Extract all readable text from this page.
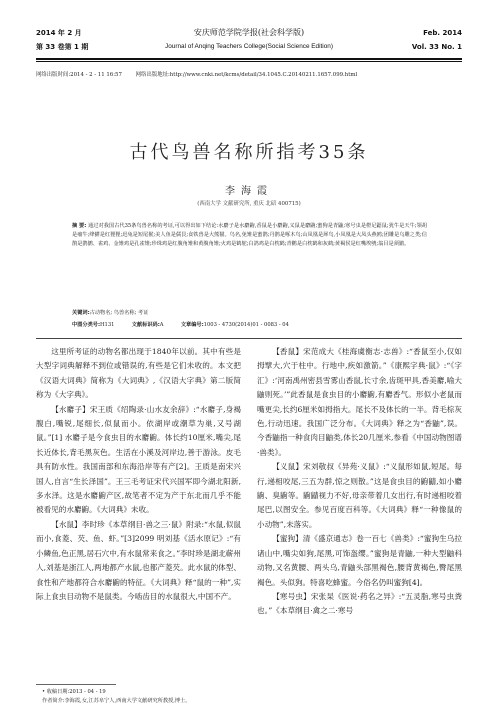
2014 年 2 月
第 33 卷第 1 期
安庆师范学院学报(社会科学版)
Journal of Anqing Teachers College(Social Science Edition)
Feb. 2014
Vol. 33 No. 1
网络出版时间:2014 - 2 - 11 16:57	网络出版地址:http://www.cnki.net/kcms/detail/34.1045.C.20140211.1657.099.html
古代鸟兽名称所指考35条
李海霞
(西南大学 文献研究所, 重庆 北碚 400715)
摘 要: 通过对我国古代35条鸟兽名称的考证,可以得出如下结论:水麝子是水麝鼩,香鼠是小麝鼩,义鼠是麝鼩;蜜狗是青鼬;寒号虫是橙足鼯鼠;犹牛是天牛;领胡是瘤牛;绛獾是红狸狸;迅兔是短尾猴;美人鱼是儒艮;食铁兽是大熊猫。鸟名,免雉是蜜鹊;丹鹊是啄木鸟;山凤凰是犀鸟,小凤凰是大凤头燕鸥;团雕是乌雕之类;信鹊是鹊鹠、雀鸡、金雉鸡是孔雀雉;珍珠鸡是红腹角雉和黄腹角雉;火鸡是鹤鸵;白鸽鸡是白枕鹤;青鹳是白枕鹤和灰鹤;黄褐侯是红嘴埃鸲;翁目是须鹟。
关键词:古动物名; 鸟兽名称; 考证
中图分类号:H131	文献标识码:A	文章编号:1003 - 4730(2014)01 - 0083 - 04

这里所考证的动物名都出现于1840年以前。其中有些是大型字词典解释不到位或错误的,有些是它们未收的。本文把《汉语大词典》简称为《大词典》,《汉语大字典》第二版简称为《大字典》。

【水麝子】宋王质《绍陶录·山水友余辞》:“水麝子,身褐腹白,嘴锐,尾细长,似鼠而小。依湖岸或潮草为巢,又号湖鼠。”[1] 水麝子是今食虫目的水麝鼩。体长约10厘米,嘴尖,尾长近体长,背毛黑灰色。生活在小溪及河岸边,善于游泳。皮毛具有防水性。我国南部和东海沿岸等有产[2]。王质是南宋兴国人,自言“生长泽国”。王三毛考证宋代兴国军即今湖北阳新,多水泽。这是水麝鼩产区,故笔者不定为产于东北而几乎不能被看见的水麝鼩。《大词典》未收。

【水鼠】李时珍《本草纲目·兽之三·鼠》附录:“水鼠,似鼠而小,食菱、芡、鱼、虾。”[3]2099 明刘基《活水原记》:“有小鳞鱼,色正黑,居石穴中,有水鼠常来食之。”李时珍是湖北蕲州人,刘基是浙江人,两地都产水鼠,也都产菱芡。此水鼠的体型、食性和产地都符合水麝鼩的特征。《大词典》释“鼠的一种”,实际上食虫目动物不是鼠类。今啮齿目的水鼠很大,中国不产。

【香鼠】宋范成大《桂海虞衡志·志兽》:“香鼠至小,仅如拇擘大,穴于柱中。行地中,疾如激箭。”《康熙字典·鼠》:“《字汇》:‘河南禹州密县雪雾山香鼠,长寸余,齿斑甲具,香美麝,喻大鼬则死。’”此香鼠是食虫目的小麝鼩,有麝香气。形似小老鼠而嘴更尖,长约6厘米如拇指大。尾长不及体长的一半。背毛棕灰色,行动迅速。我国广泛分布。《大词典》释之为“香鼬”,误。今香鼬指一种食肉目鼬类,体长20几厘米,参看《中国动物图谱·兽类》。

【义鼠】宋刘敬叔《异苑·义鼠》:“义鼠形如鼠,短尾。每行,递相咬尾,三五为群,惊之则散。”这是食虫目的鼩鼱,如小麝鼩、臭鼩等。鼩鼱视力不好,母亲带着几女出行,有时递相咬着尾巴,以图安全。参见百度百科等。《大词典》释“一种像鼠的小动物”,未落实。

【蜜狗】清《盛京通志》卷一百七《兽类》:“蜜狗生乌拉诸山中,嘴尖如狗,尾黑,可饰盔缨。”蜜狗是青鼬,一种大型鼬科动物,又名黄腰、两头乌,青鼬头部黑褐色,腰背黄褐色,臀尾黑褐色。头似狗。特喜吃蜂蜜。今俗名仍叫蜜狗[4]。

【寒号虫】宋张杲《医说·药名之异》:“五灵脂,寒号虫粪也。”《本草纲目·禽之二·寒号

• 收稿日期:2013 - 04 - 19
作者简介:李海霞,女,江苏阜宁人,西南大学文献研究所教授,博士。
